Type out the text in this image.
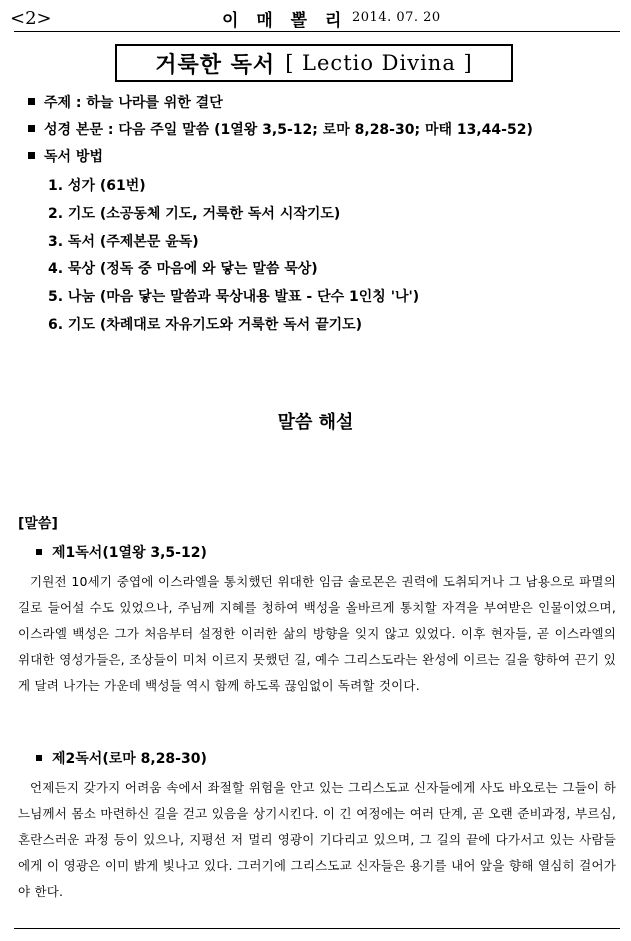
<2>	이 매 뽈 리 2014. 07. 20
거룩한 독서 [ Lectio Divina ]
주제 : 하늘 나라를 위한 결단
성경 본문 : 다음 주일 말씀 (1열왕 3,5-12; 로마 8,28-30; 마태 13,44-52)
독서 방법
1. 성가 (61번)
2. 기도 (소공동체 기도, 거룩한 독서 시작기도)
3. 독서 (주제본문 윤독)
4. 묵상 (정독 중 마음에 와 닿는 말씀 묵상)
5. 나눔 (마음 닿는 말씀과 묵상내용 발표 - 단수 1인칭 '나')
6. 기도 (차례대로 자유기도와 거룩한 독서 끝기도)
말씀 해설
[말씀]
제1독서(1열왕 3,5-12)
기원전 10세기 중엽에 이스라엘을 통치했던 위대한 임금 솔로몬은 권력에 도취되거나 그 남용으로 파멸의 길로 들어설 수도 있었으나, 주님께 지혜를 청하여 백성을 올바르게 통치할 자격을 부여받은 인물이었으며, 이스라엘 백성은 그가 처음부터 설정한 이러한 삶의 방향을 잊지 않고 있었다. 이후 현자들, 곧 이스라엘의 위대한 영성가들은, 조상들이 미처 이르지 못했던 길, 예수 그리스도라는 완성에 이르는 길을 향하여 끈기 있게 달려 나가는 가운데 백성들 역시 함께 하도록 끊임없이 독려할 것이다.
제2독서(로마 8,28-30)
언제든지 갖가지 어려움 속에서 좌절할 위험을 안고 있는 그리스도교 신자들에게 사도 바오로는 그들이 하느님께서 몸소 마련하신 길을 걷고 있음을 상기시킨다. 이 긴 여정에는 여러 단계, 곧 오랜 준비과정, 부르심, 혼란스러운 과정 등이 있으나, 지평선 저 멀리 영광이 기다리고 있으며, 그 길의 끝에 다가서고 있는 사람들에게 이 영광은 이미 밝게 빛나고 있다. 그러기에 그리스도교 신자들은 용기를 내어 앞을 향해 열심히 걸어가야 한다.
